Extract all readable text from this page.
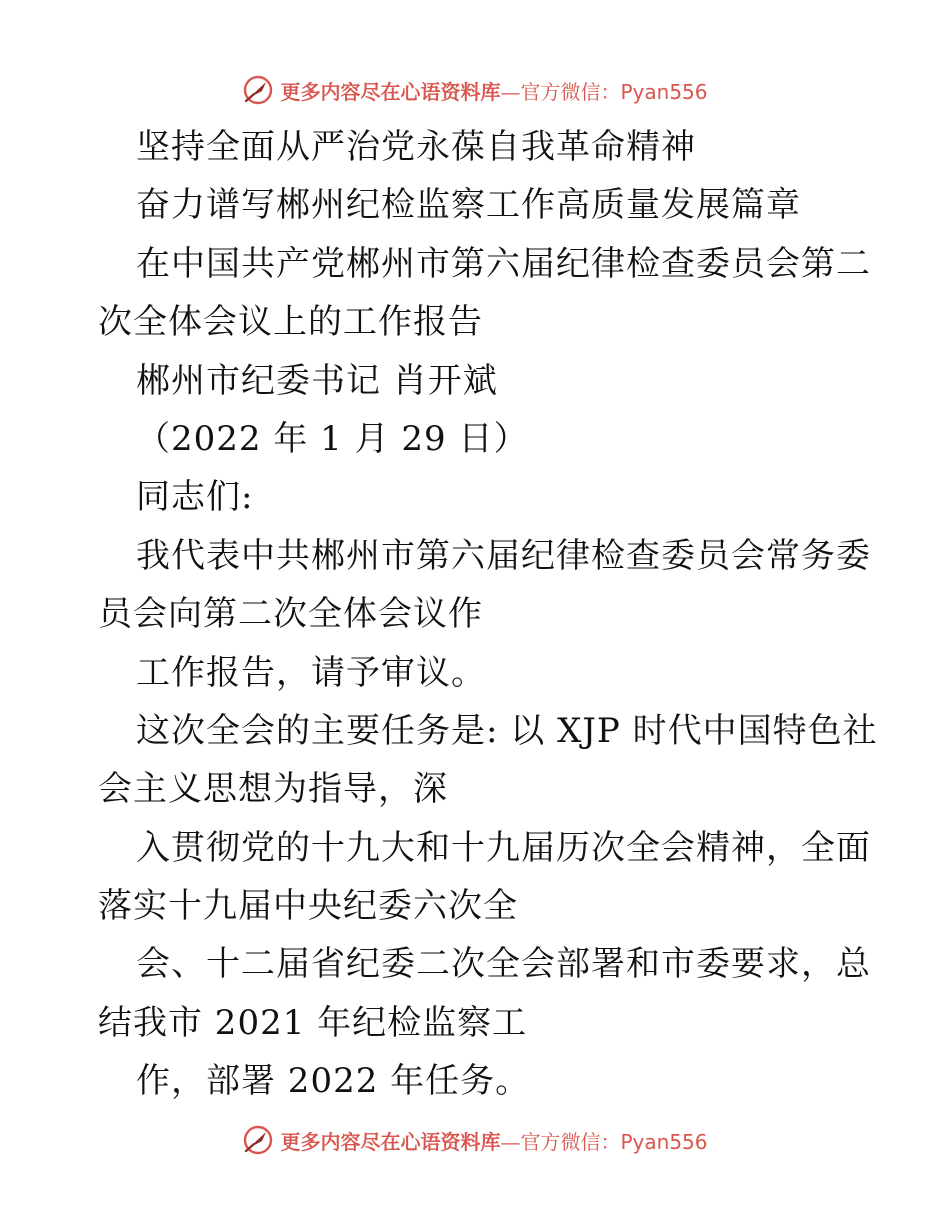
更多内容尽在心语资料库—官方微信：Pyan556
坚持全面从严治党永葆自我革命精神
奋力谱写郴州纪检监察工作高质量发展篇章
在中国共产党郴州市第六届纪律检查委员会第二
次全体会议上的工作报告
郴州市纪委书记 肖开斌
（2022 年 1 月 29 日）
同志们:
我代表中共郴州市第六届纪律检查委员会常务委
员会向第二次全体会议作
工作报告，请予审议。
这次全会的主要任务是: 以 XJP 时代中国特色社
会主义思想为指导，深
入贯彻党的十九大和十九届历次全会精神，全面
落实十九届中央纪委六次全
会、十二届省纪委二次全会部署和市委要求，总
结我市 2021 年纪检监察工
作，部署 2022 年任务。
更多内容尽在心语资料库—官方微信：Pyan556
